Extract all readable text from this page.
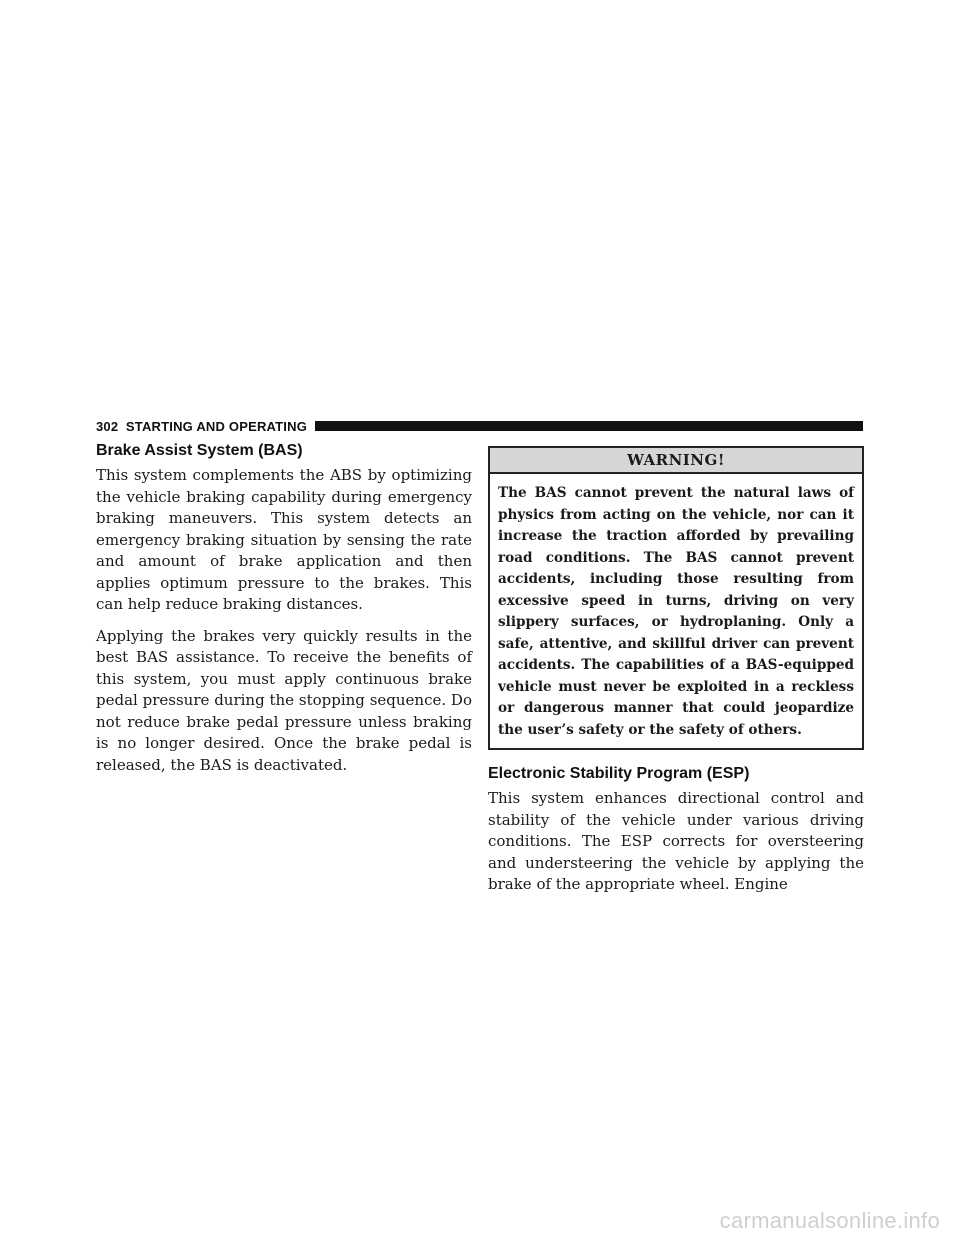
302 STARTING AND OPERATING
Brake Assist System (BAS)

This system complements the ABS by optimizing the vehicle braking capability during emergency braking maneuvers. This system detects an emergency braking situation by sensing the rate and amount of brake application and then applies optimum pressure to the brakes. This can help reduce braking distances.

Applying the brakes very quickly results in the best BAS assistance. To receive the benefits of this system, you must apply continuous brake pedal pressure during the stopping sequence. Do not reduce brake pedal pressure unless braking is no longer desired. Once the brake pedal is released, the BAS is deactivated.

WARNING!
The BAS cannot prevent the natural laws of physics from acting on the vehicle, nor can it increase the traction afforded by prevailing road conditions. The BAS cannot prevent accidents, including those resulting from excessive speed in turns, driving on very slippery surfaces, or hydroplaning. Only a safe, attentive, and skillful driver can prevent accidents. The capabilities of a BAS-equipped vehicle must never be exploited in a reckless or dangerous manner that could jeopardize the user’s safety or the safety of others.
Electronic Stability Program (ESP)

This system enhances directional control and stability of the vehicle under various driving conditions. The ESP corrects for oversteering and understeering the vehicle by applying the brake of the appropriate wheel. Engine

carmanualsonline.info
